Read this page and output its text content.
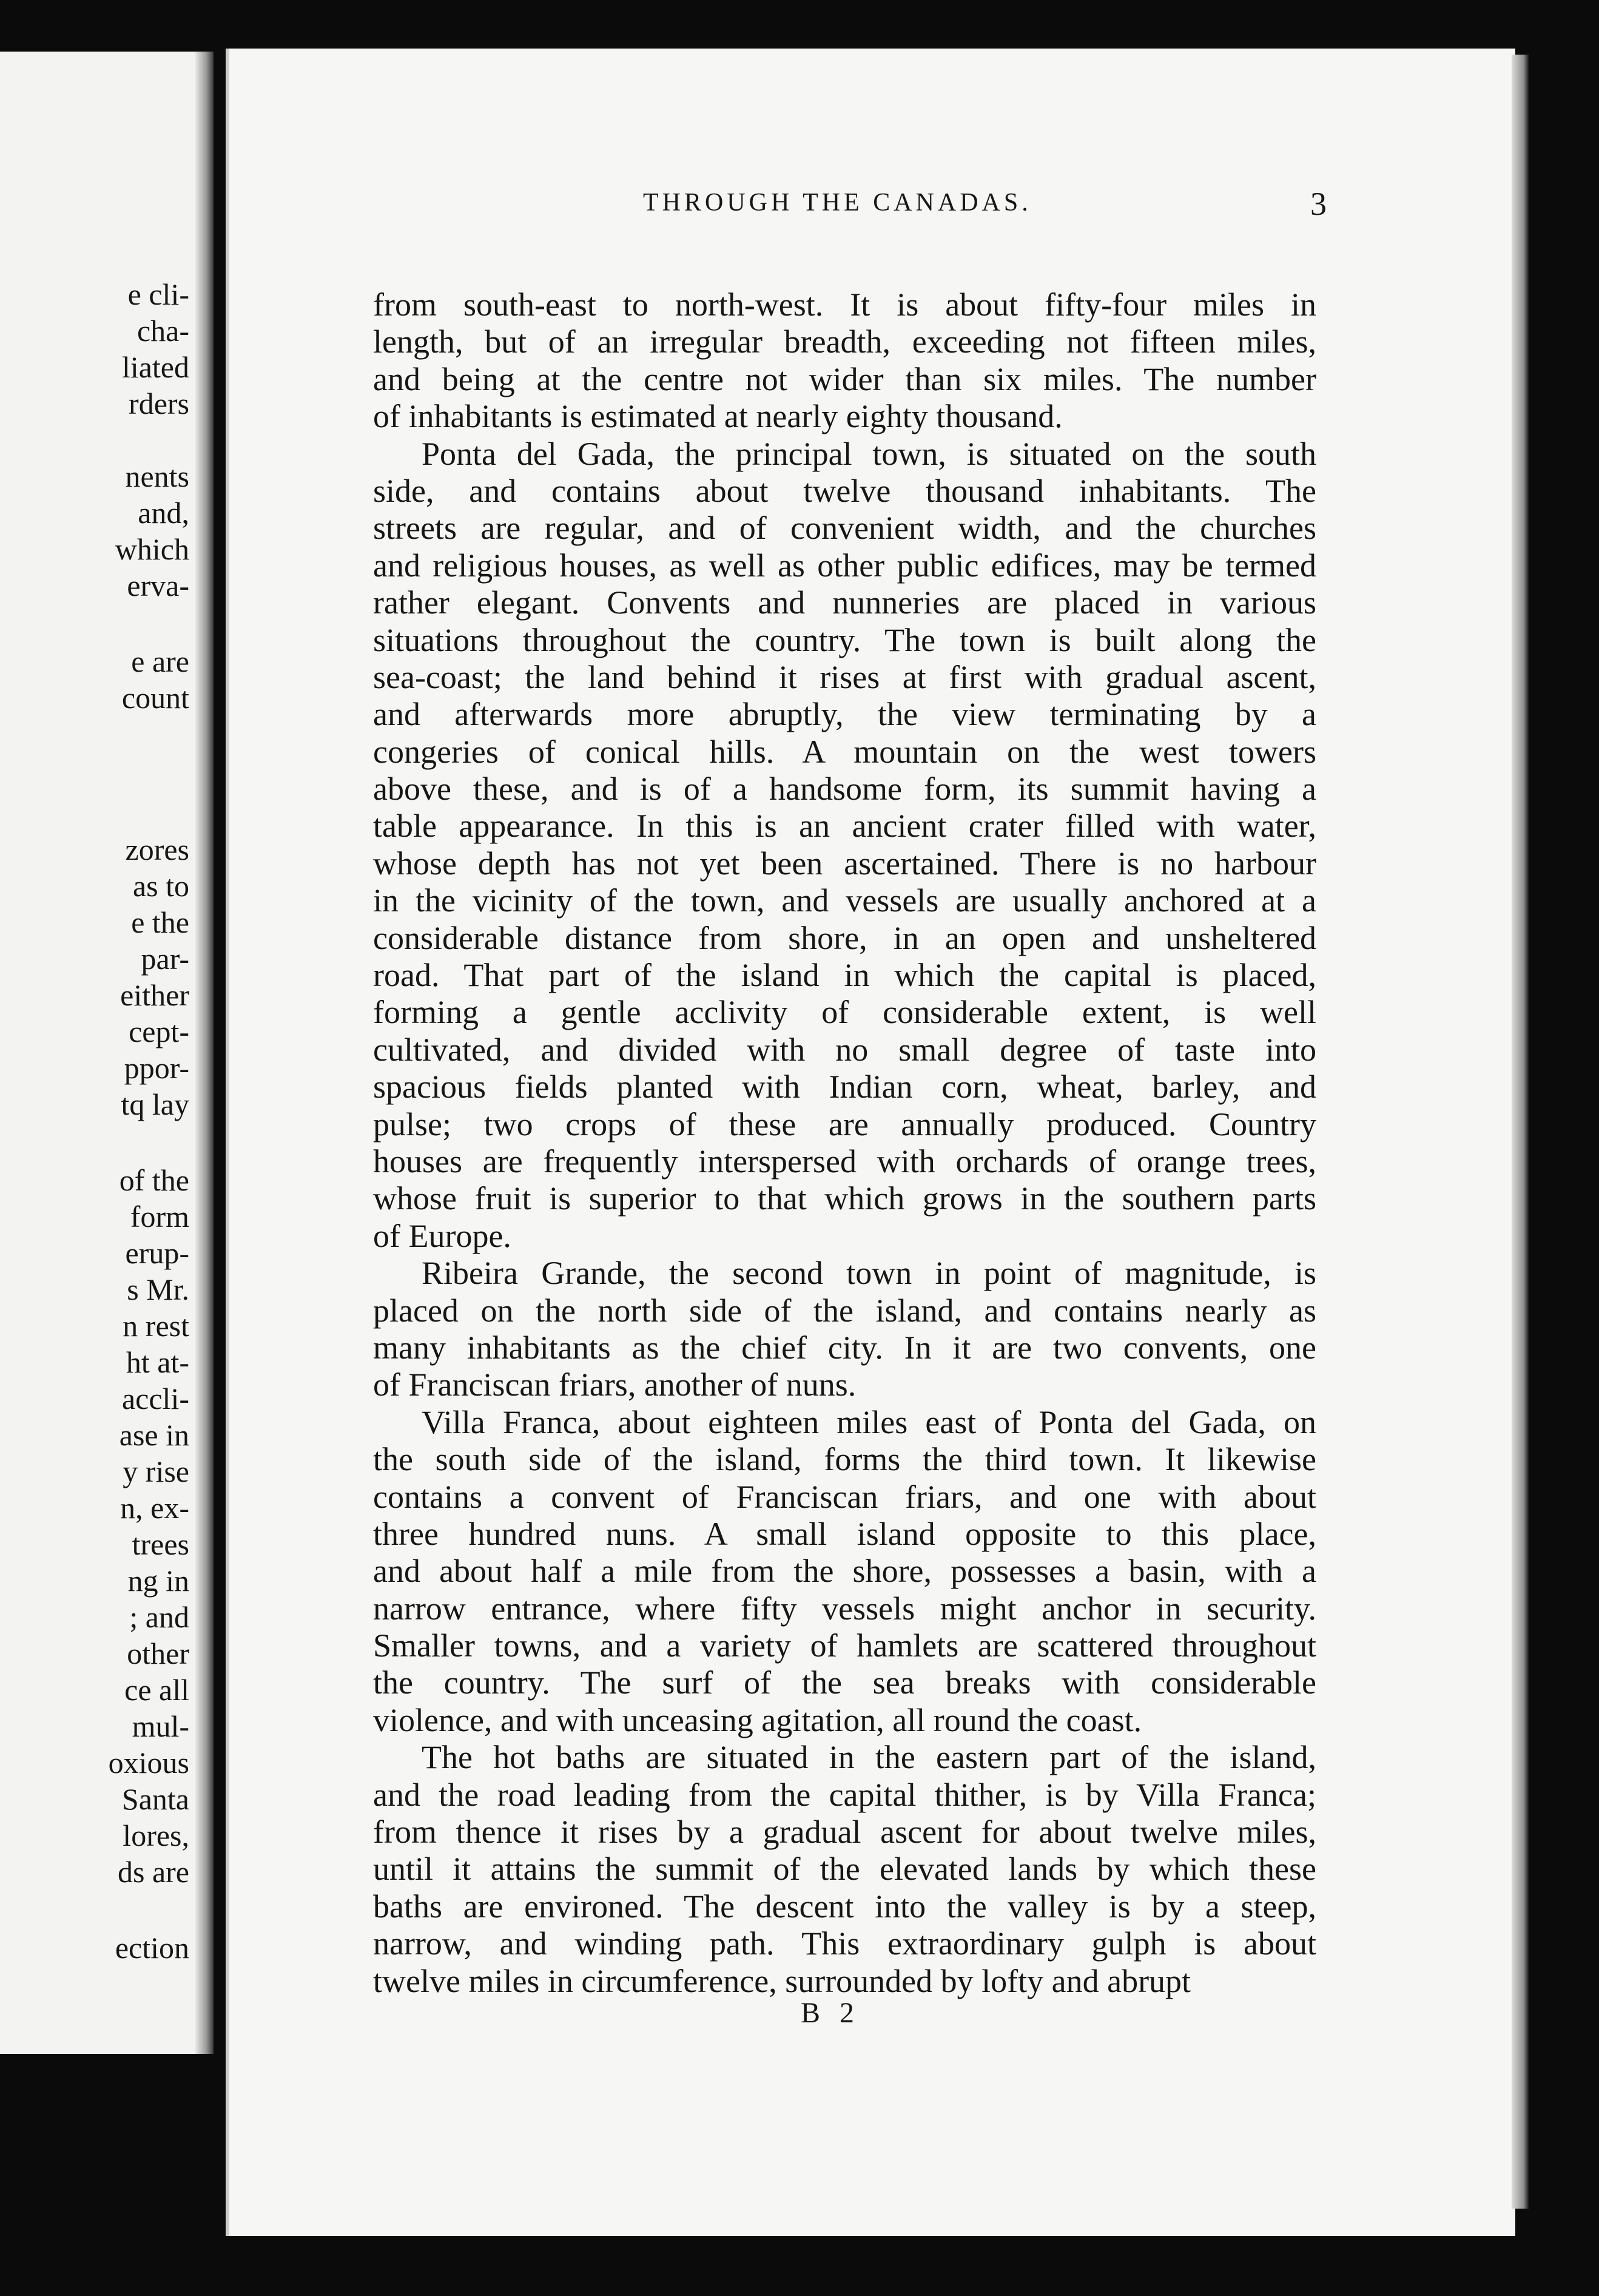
e cli-
cha-
liated
rders
nents
and,
which
erva-
e are
count
zores
as to
e the
par-
either
cept-
ppor-
tq lay
of the
form
erup-
s Mr.
n rest
ht at-
accli-
ase in
y rise
n, ex-
trees
ng in
; and
other
ce all
mul-
oxious
Santa
lores,
ds are
ection
THROUGH THE CANADAS.	3
from south-east to north-west. It is about fifty-four miles in
length, but of an irregular breadth, exceeding not fifteen miles,
and being at the centre not wider than six miles. The number
of inhabitants is estimated at nearly eighty thousand.
Ponta del Gada, the principal town, is situated on the south
side, and contains about twelve thousand inhabitants. The
streets are regular, and of convenient width, and the churches
and religious houses, as well as other public edifices, may be termed
rather elegant. Convents and nunneries are placed in various
situations throughout the country. The town is built along the
sea-coast; the land behind it rises at first with gradual ascent,
and afterwards more abruptly, the view terminating by a
congeries of conical hills. A mountain on the west towers
above these, and is of a handsome form, its summit having a
table appearance. In this is an ancient crater filled with water,
whose depth has not yet been ascertained. There is no harbour
in the vicinity of the town, and vessels are usually anchored at a
considerable distance from shore, in an open and unsheltered
road. That part of the island in which the capital is placed,
forming a gentle acclivity of considerable extent, is well
cultivated, and divided with no small degree of taste into
spacious fields planted with Indian corn, wheat, barley, and
pulse; two crops of these are annually produced. Country
houses are frequently interspersed with orchards of orange trees,
whose fruit is superior to that which grows in the southern parts
of Europe.
Ribeira Grande, the second town in point of magnitude, is
placed on the north side of the island, and contains nearly as
many inhabitants as the chief city. In it are two convents, one
of Franciscan friars, another of nuns.
Villa Franca, about eighteen miles east of Ponta del Gada, on
the south side of the island, forms the third town. It likewise
contains a convent of Franciscan friars, and one with about
three hundred nuns. A small island opposite to this place,
and about half a mile from the shore, possesses a basin, with a
narrow entrance, where fifty vessels might anchor in security.
Smaller towns, and a variety of hamlets are scattered throughout
the country. The surf of the sea breaks with considerable
violence, and with unceasing agitation, all round the coast.
The hot baths are situated in the eastern part of the island,
and the road leading from the capital thither, is by Villa Franca;
from thence it rises by a gradual ascent for about twelve miles,
until it attains the summit of the elevated lands by which these
baths are environed. The descent into the valley is by a steep,
narrow, and winding path. This extraordinary gulph is about
twelve miles in circumference, surrounded by lofty and abrupt
B 2
